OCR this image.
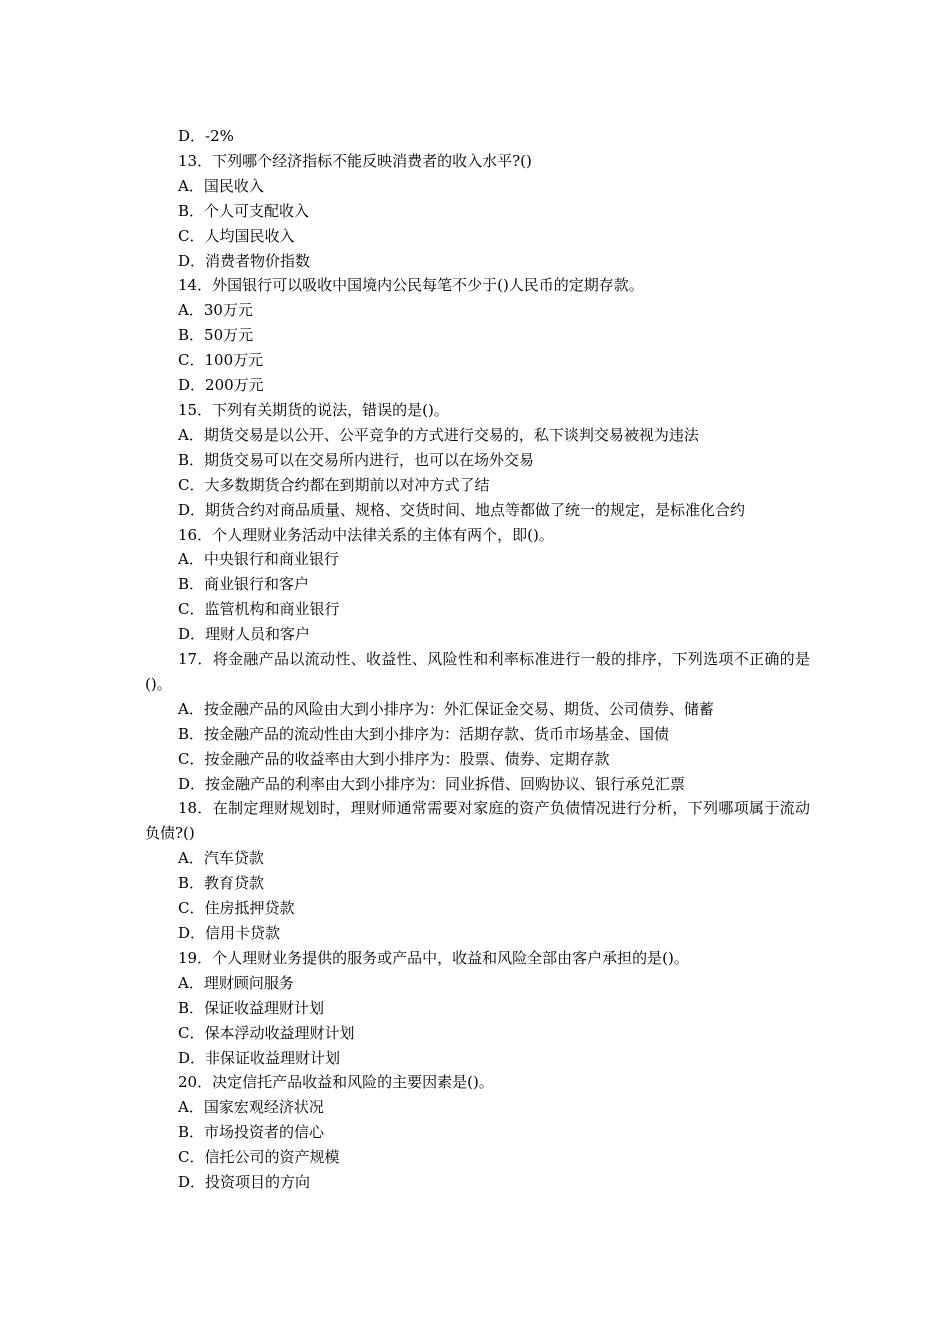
D．-2%
13．下列哪个经济指标不能反映消费者的收入水平?()
A．国民收入
B．个人可支配收入
C．人均国民收入
D．消费者物价指数
14．外国银行可以吸收中国境内公民每笔不少于()人民币的定期存款。
A．30万元
B．50万元
C．100万元
D．200万元
15．下列有关期货的说法，错误的是()。
A．期货交易是以公开、公平竞争的方式进行交易的，私下谈判交易被视为违法
B．期货交易可以在交易所内进行，也可以在场外交易
C．大多数期货合约都在到期前以对冲方式了结
D．期货合约对商品质量、规格、交货时间、地点等都做了统一的规定，是标准化合约
16．个人理财业务活动中法律关系的主体有两个，即()。
A．中央银行和商业银行
B．商业银行和客户
C．监管机构和商业银行
D．理财人员和客户
17．将金融产品以流动性、收益性、风险性和利率标准进行一般的排序，下列选项不正确的是()。
A．按金融产品的风险由大到小排序为：外汇保证金交易、期货、公司债券、储蓄
B．按金融产品的流动性由大到小排序为：活期存款、货币市场基金、国债
C．按金融产品的收益率由大到小排序为：股票、债券、定期存款
D．按金融产品的利率由大到小排序为：同业拆借、回购协议、银行承兑汇票
18．在制定理财规划时，理财师通常需要对家庭的资产负债情况进行分析，下列哪项属于流动负债?()
A．汽车贷款
B．教育贷款
C．住房抵押贷款
D．信用卡贷款
19．个人理财业务提供的服务或产品中，收益和风险全部由客户承担的是()。
A．理财顾问服务
B．保证收益理财计划
C．保本浮动收益理财计划
D．非保证收益理财计划
20．决定信托产品收益和风险的主要因素是()。
A．国家宏观经济状况
B．市场投资者的信心
C．信托公司的资产规模
D．投资项目的方向
